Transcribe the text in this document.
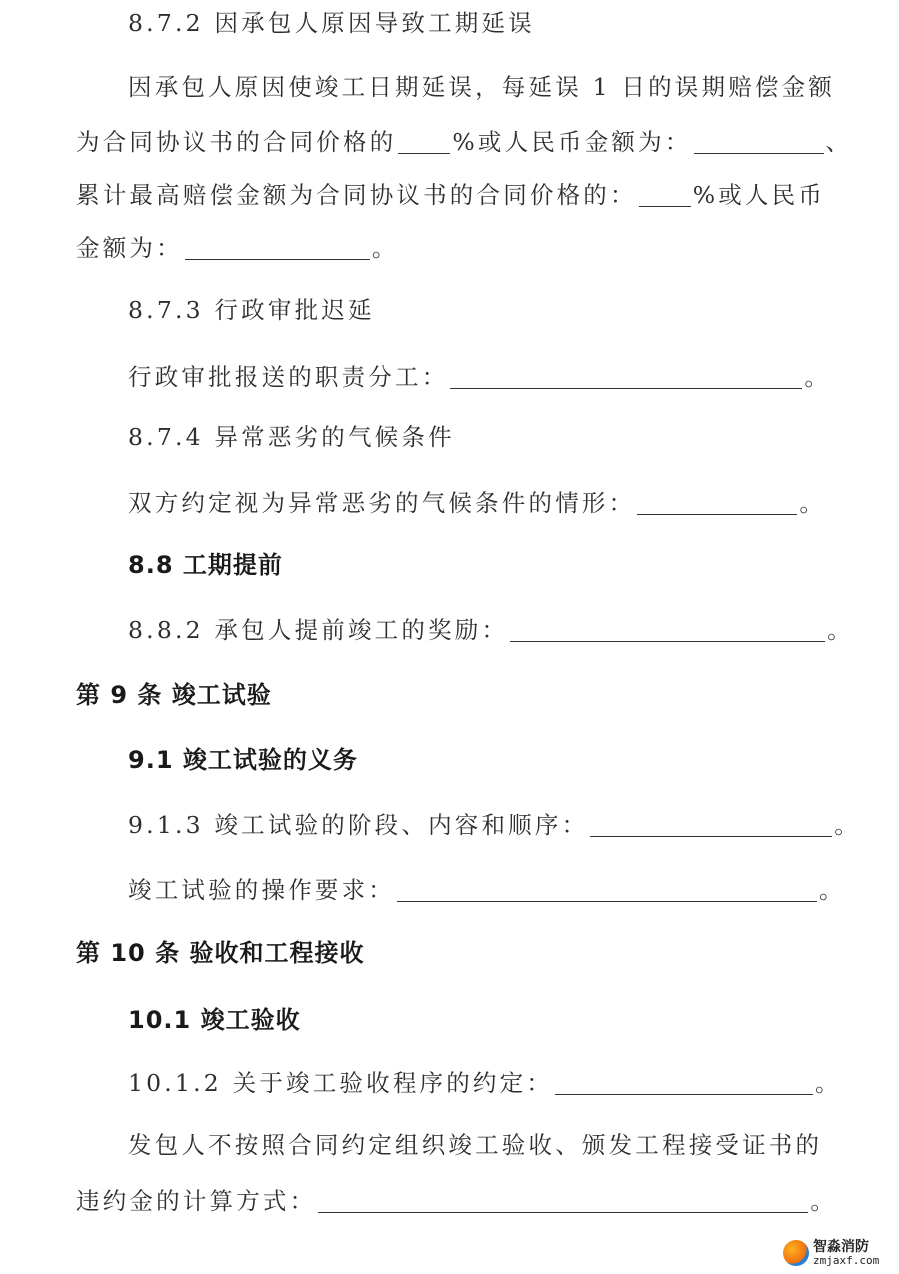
8.7.2 因承包人原因导致工期延误
因承包人原因使竣工日期延误，每延误 1 日的误期赔偿金额
为合同协议书的合同价格的 %或人民币金额为：	、
累计最高赔偿金额为合同协议书的合同价格的： %或人民币
金额为：	。
8.7.3 行政审批迟延
行政审批报送的职责分工：	。
8.7.4 异常恶劣的气候条件
双方约定视为异常恶劣的气候条件的情形：	。
8.8 工期提前
8.8.2 承包人提前竣工的奖励：	。
第 9 条 竣工试验
9.1 竣工试验的义务
9.1.3 竣工试验的阶段、内容和顺序：	。
竣工试验的操作要求：	。
第 10 条 验收和工程接收
10.1 竣工验收
10.1.2 关于竣工验收程序的约定：	。
发包人不按照合同约定组织竣工验收、颁发工程接受证书的
违约金的计算方式：	。
智淼消防
zmjaxf.com
